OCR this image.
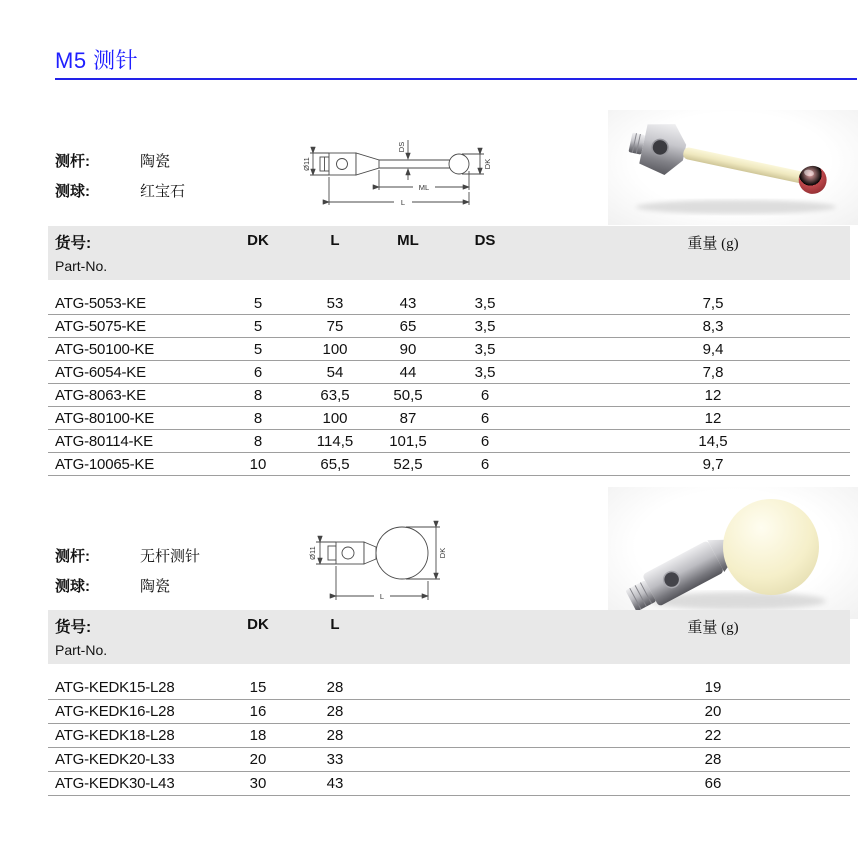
M5 测针
测杆:	陶瓷
测球:	红宝石
Ø11
DS
ML
L
DK
货号:
Part-No.
DK	L	ML	DS	重量 (g)
ATG-5053-KE	5	53	43	3,5	7,5
ATG-5075-KE	5	75	65	3,5	8,3
ATG-50100-KE	5	100	90	3,5	9,4
ATG-6054-KE	6	54	44	3,5	7,8
ATG-8063-KE	8	63,5	50,5	6	12
ATG-80100-KE	8	100	87	6	12
ATG-80114-KE	8	114,5	101,5	6	14,5
ATG-10065-KE	10	65,5	52,5	6	9,7
测杆:	无杆测针
测球:	陶瓷
Ø11	DK
L
货号:
Part-No.
DK	L	重量 (g)
ATG-KEDK15-L28	15	28	19
ATG-KEDK16-L28	16	28	20
ATG-KEDK18-L28	18	28	22
ATG-KEDK20-L33	20	33	28
ATG-KEDK30-L43	30	43	66
